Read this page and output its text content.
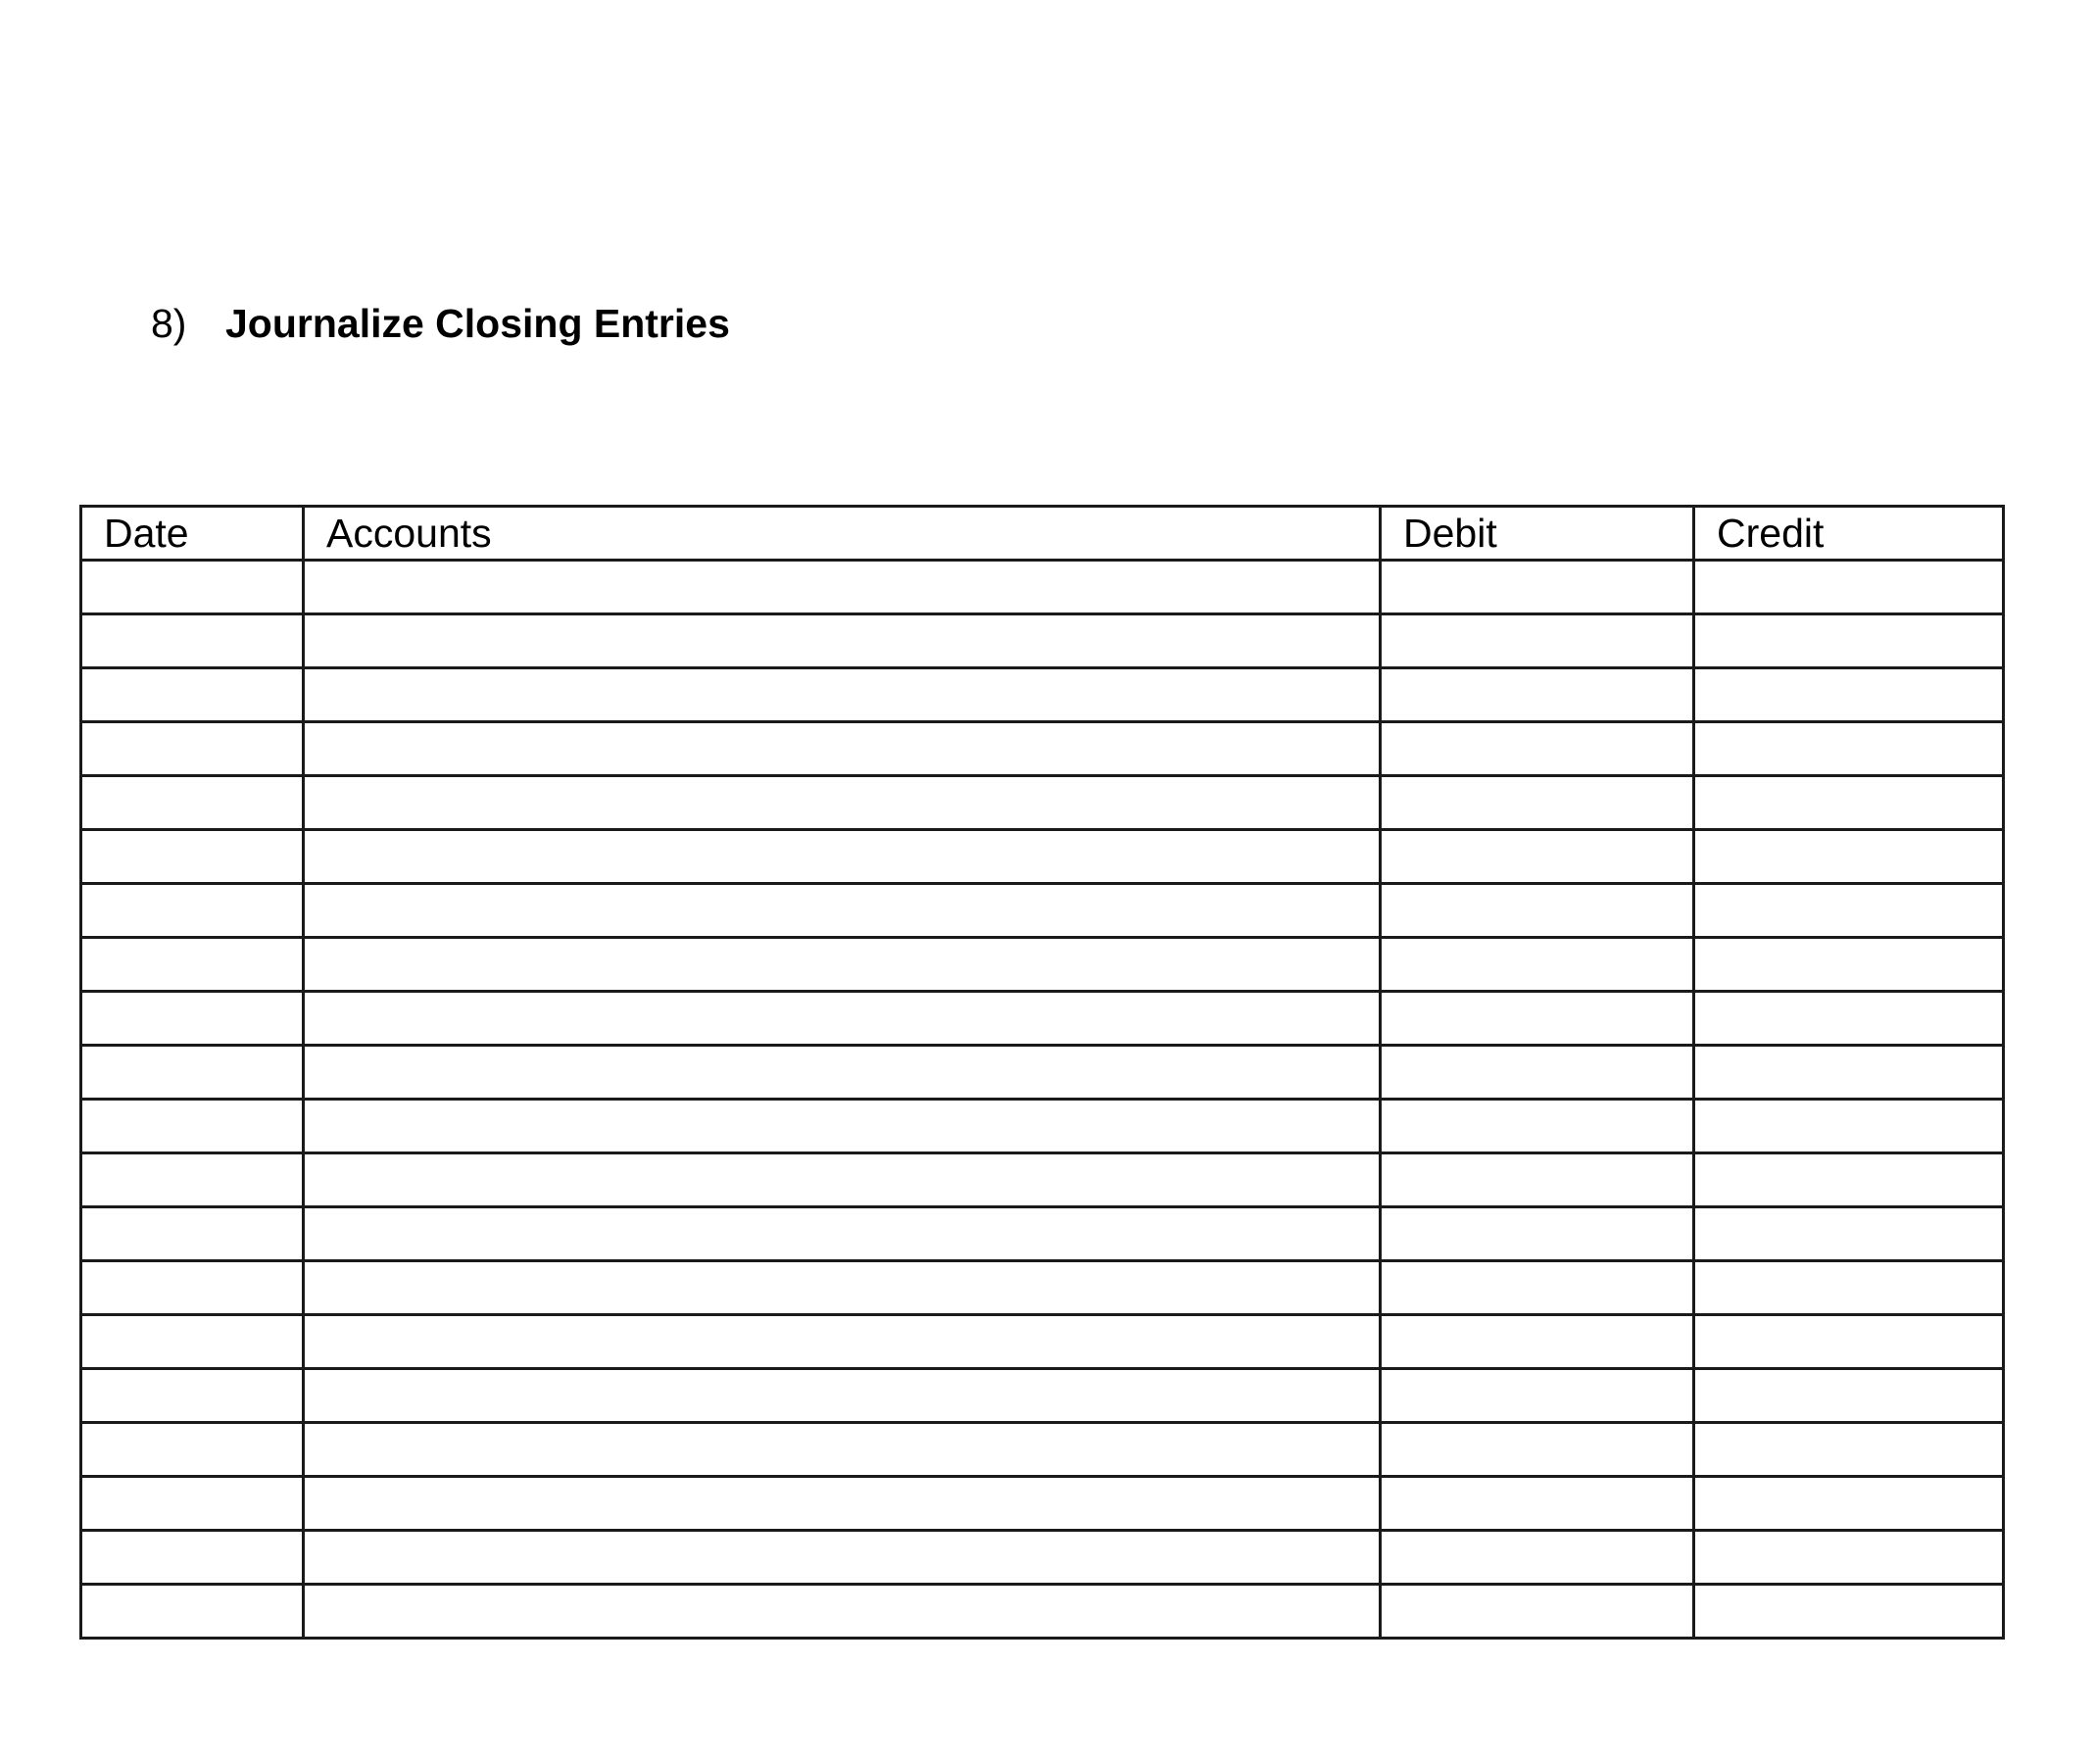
8) Journalize Closing Entries
Date	Accounts	Debit	Credit
